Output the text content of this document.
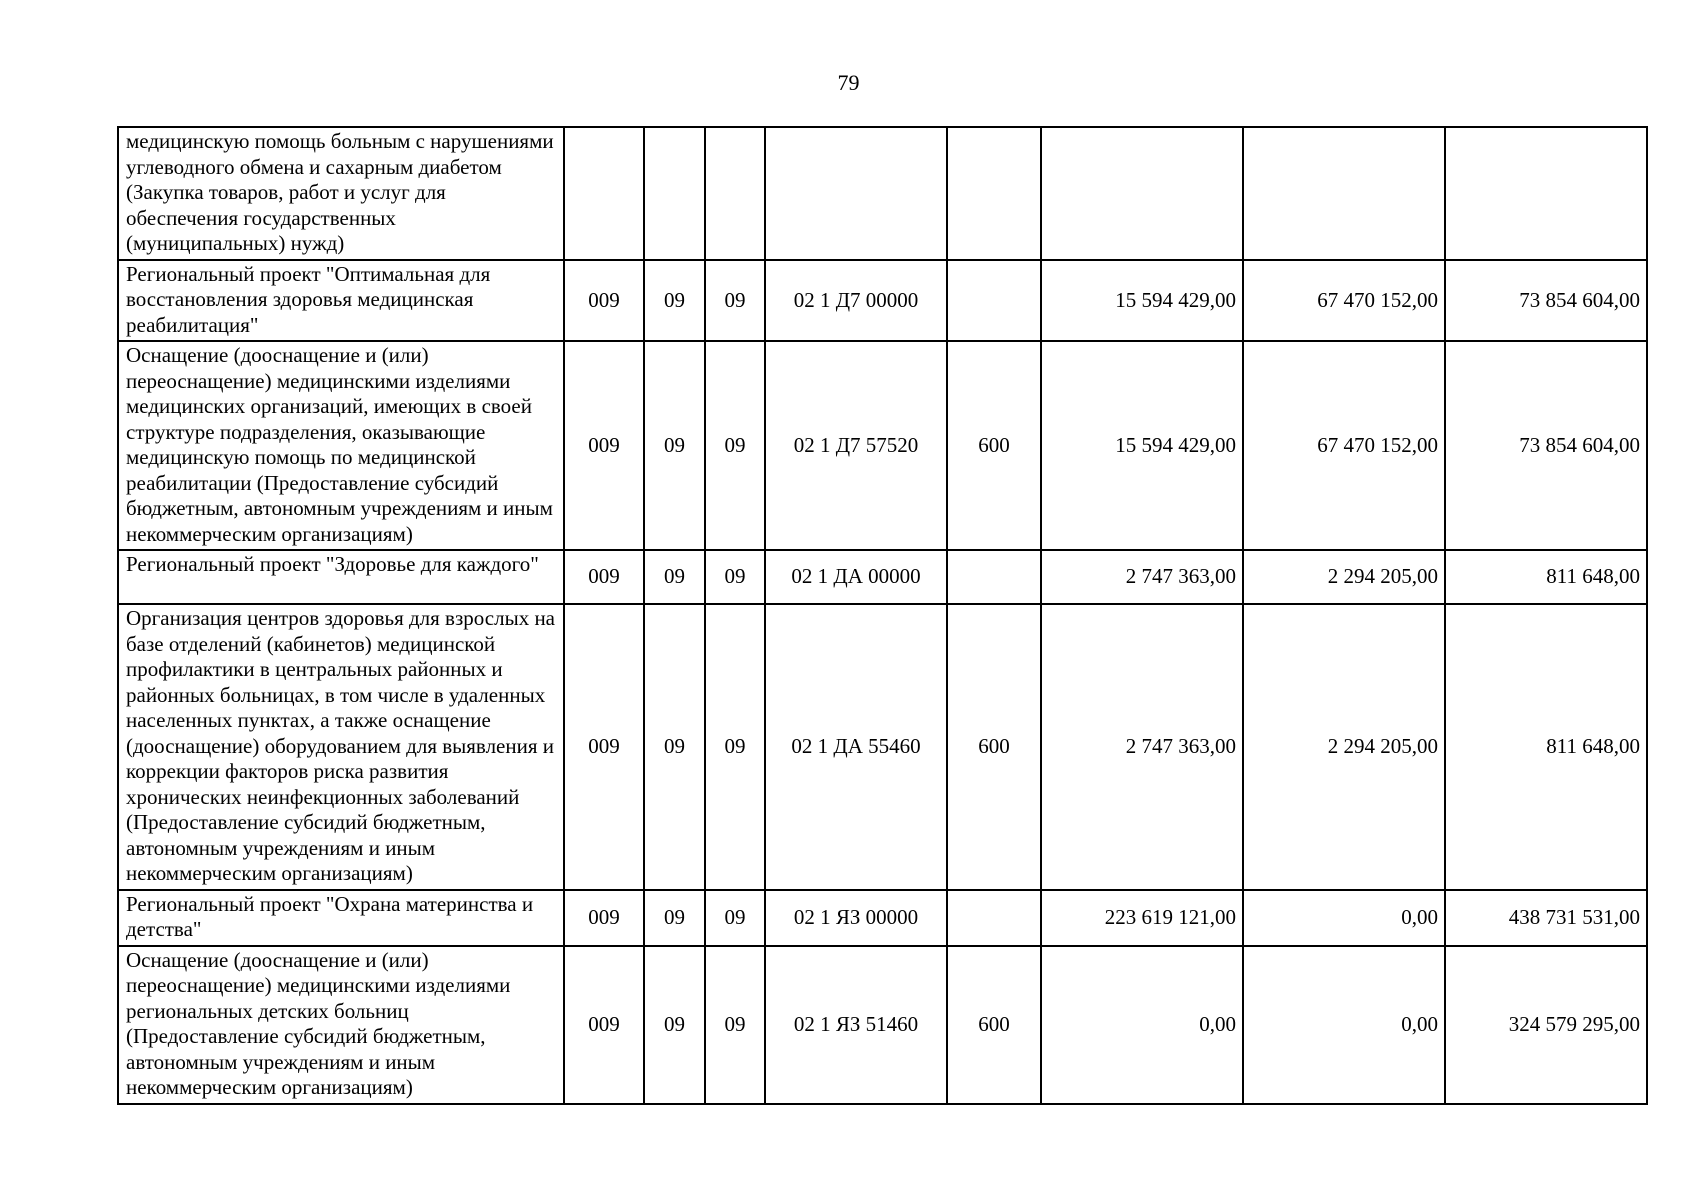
79
медицинскую помощь больным с нарушениями углеводного обмена и сахарным диабетом (Закупка товаров, работ и услуг для обеспечения государственных (муниципальных) нужд)								
Региональный проект "Оптимальная для восстановления здоровья медицинская реабилитация"	009	09	09	02 1 Д7 00000		15 594 429,00	67 470 152,00	73 854 604,00
Оснащение (дооснащение и (или) переоснащение) медицинскими изделиями медицинских организаций, имеющих в своей структуре подразделения, оказывающие медицинскую помощь по медицинской реабилитации (Предоставление субсидий бюджетным, автономным учреждениям и иным некоммерческим организациям)	009	09	09	02 1 Д7 57520	600	15 594 429,00	67 470 152,00	73 854 604,00
Региональный проект "Здоровье для каждого"	009	09	09	02 1 ДА 00000		2 747 363,00	2 294 205,00	811 648,00
Организация центров здоровья для взрослых на базе отделений (кабинетов) медицинской профилактики в центральных районных и районных больницах, в том числе в удаленных населенных пунктах, а также оснащение (дооснащение) оборудованием для выявления и коррекции факторов риска развития хронических неинфекционных заболеваний (Предоставление субсидий бюджетным, автономным учреждениям и иным некоммерческим организациям)	009	09	09	02 1 ДА 55460	600	2 747 363,00	2 294 205,00	811 648,00
Региональный проект "Охрана материнства и детства"	009	09	09	02 1 ЯЗ 00000		223 619 121,00	0,00	438 731 531,00
Оснащение (дооснащение и (или) переоснащение) медицинскими изделиями региональных детских больниц (Предоставление субсидий бюджетным, автономным учреждениям и иным некоммерческим организациям)	009	09	09	02 1 ЯЗ 51460	600	0,00	0,00	324 579 295,00
